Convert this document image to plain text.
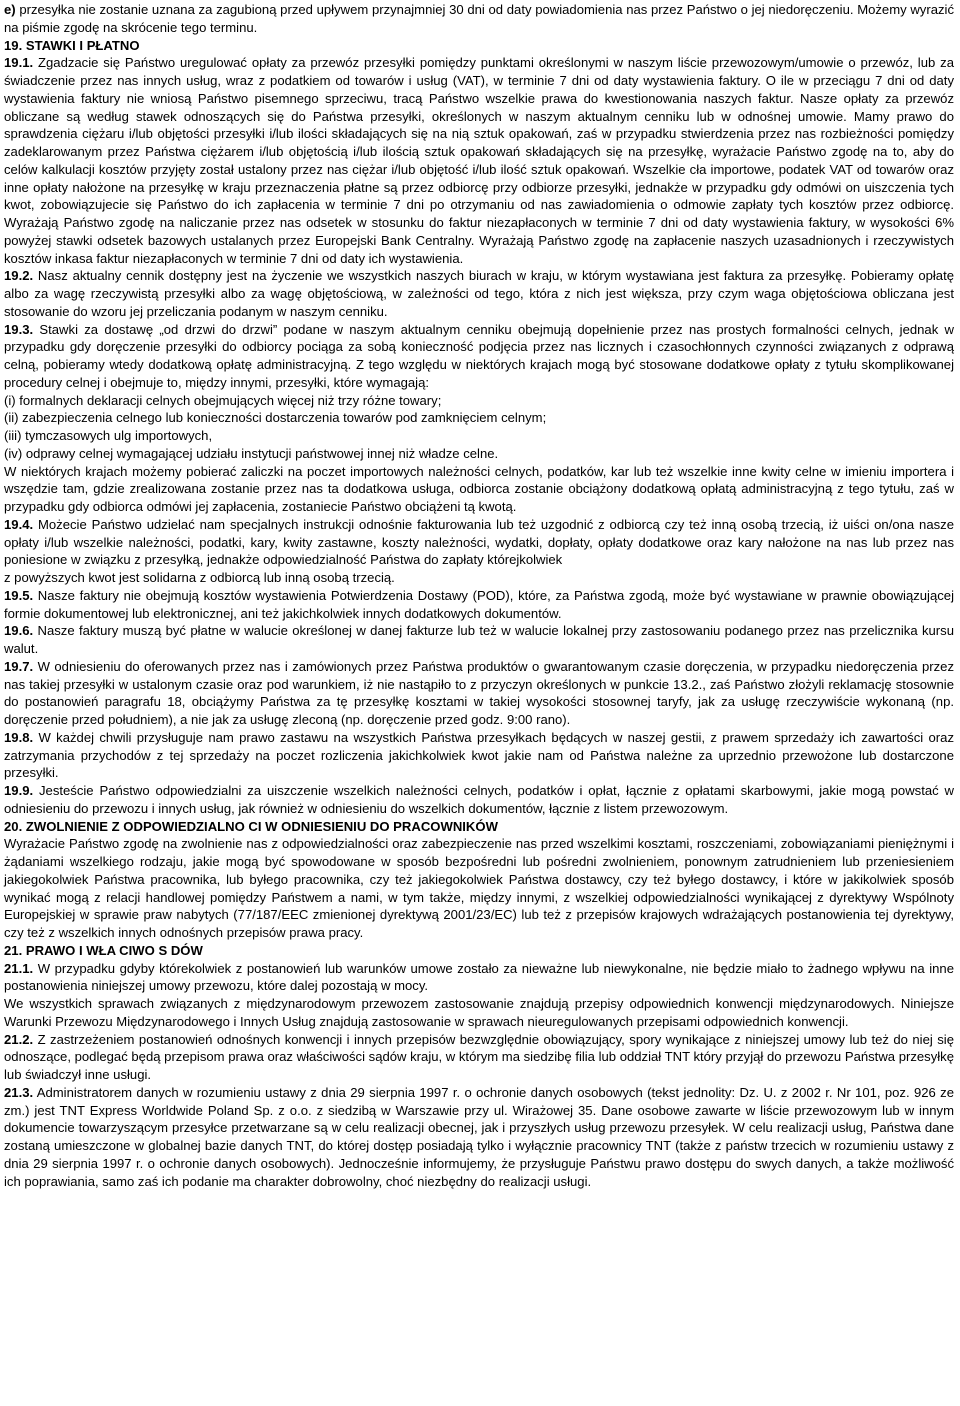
e) przesyłka nie zostanie uznana za zagubioną przed upływem przynajmniej 30 dni od daty powiadomienia nas przez Państwo o jej niedoręczeniu. Możemy wyrazić na piśmie zgodę na skrócenie tego terminu.

19. STAWKI I PŁATNO

19.1. Zgadzacie się Państwo uregulować opłaty za przewóz przesyłki pomiędzy punktami określonymi w naszym liście przewozowym/umowie o przewóz, lub za świadczenie przez nas innych usług, wraz z podatkiem od towarów i usług (VAT), w terminie 7 dni od daty wystawienia faktury. O ile w przeciągu 7 dni od daty wystawienia faktury nie wniosą Państwo pisemnego sprzeciwu, tracą Państwo wszelkie prawa do kwestionowania naszych faktur. Nasze opłaty za przewóz obliczane są według stawek odnoszących się do Państwa przesyłki, określonych w naszym aktualnym cenniku lub w odnośnej umowie. Mamy prawo do sprawdzenia ciężaru i/lub objętości przesyłki i/lub ilości składających się na nią sztuk opakowań, zaś w przypadku stwierdzenia przez nas rozbieżności pomiędzy zadeklarowanym przez Państwa ciężarem i/lub objętością i/lub ilością sztuk opakowań składających się na przesyłkę, wyrażacie Państwo zgodę na to, aby do celów kalkulacji kosztów przyjęty został ustalony przez nas ciężar i/lub objętość i/lub ilość sztuk opakowań. Wszelkie cła importowe, podatek VAT od towarów oraz inne opłaty nałożone na przesyłkę w kraju przeznaczenia płatne są przez odbiorcę przy odbiorze przesyłki, jednakże w przypadku gdy odmówi on uiszczenia tych kwot, zobowiązujecie się Państwo do ich zapłacenia w terminie 7 dni po otrzymaniu od nas zawiadomienia o odmowie zapłaty tych kosztów przez odbiorcę. Wyrażają Państwo zgodę na naliczanie przez nas odsetek w stosunku do faktur niezapłaconych w terminie 7 dni od daty wystawienia faktury, w wysokości 6% powyżej stawki odsetek bazowych ustalanych przez Europejski Bank Centralny. Wyrażają Państwo zgodę na zapłacenie naszych uzasadnionych i rzeczywistych kosztów inkasa faktur niezapłaconych w terminie 7 dni od daty ich wystawienia.

19.2. Nasz aktualny cennik dostępny jest na życzenie we wszystkich naszych biurach w kraju, w którym wystawiana jest faktura za przesyłkę. Pobieramy opłatę albo za wagę rzeczywistą przesyłki albo za wagę objętościową, w zależności od tego, która z nich jest większa, przy czym waga objętościowa obliczana jest stosowanie do wzoru jej przeliczania podanym w naszym cenniku.

19.3. Stawki za dostawę „od drzwi do drzwi” podane w naszym aktualnym cenniku obejmują dopełnienie przez nas prostych formalności celnych, jednak w przypadku gdy doręczenie przesyłki do odbiorcy pociąga za sobą konieczność podjęcia przez nas licznych i czasochłonnych czynności związanych z odprawą celną, pobieramy wtedy dodatkową opłatę administracyjną. Z tego względu w niektórych krajach mogą być stosowane dodatkowe opłaty z tytułu skomplikowanej procedury celnej i obejmuje to, między innymi, przesyłki, które wymagają:

(i) formalnych deklaracji celnych obejmujących więcej niż trzy różne towary;

(ii) zabezpieczenia celnego lub konieczności dostarczenia towarów pod zamknięciem celnym;

(iii) tymczasowych ulg importowych,

(iv) odprawy celnej wymagającej udziału instytucji państwowej innej niż władze celne.

W niektórych krajach możemy pobierać zaliczki na poczet importowych należności celnych, podatków, kar lub też wszelkie inne kwity celne w imieniu importera i wszędzie tam, gdzie zrealizowana zostanie przez nas ta dodatkowa usługa, odbiorca zostanie obciążony dodatkową opłatą administracyjną z tego tytułu, zaś w przypadku gdy odbiorca odmówi jej zapłacenia, zostaniecie Państwo obciążeni tą kwotą.

19.4. Możecie Państwo udzielać nam specjalnych instrukcji odnośnie fakturowania lub też uzgodnić z odbiorcą czy też inną osobą trzecią, iż uiści on/ona nasze opłaty i/lub wszelkie należności, podatki, kary, kwity zastawne, koszty należności, wydatki, dopłaty, opłaty dodatkowe oraz kary nałożone na nas lub przez nas poniesione w związku z przesyłką, jednakże odpowiedzialność Państwa do zapłaty którejkolwiek

z powyższych kwot jest solidarna z odbiorcą lub inną osobą trzecią.

19.5. Nasze faktury nie obejmują kosztów wystawienia Potwierdzenia Dostawy (POD), które, za Państwa zgodą, może być wystawiane w prawnie obowiązującej formie dokumentowej lub elektronicznej, ani też jakichkolwiek innych dodatkowych dokumentów.

19.6. Nasze faktury muszą być płatne w walucie określonej w danej fakturze lub też w walucie lokalnej przy zastosowaniu podanego przez nas przelicznika kursu walut.

19.7. W odniesieniu do oferowanych przez nas i zamówionych przez Państwa produktów o gwarantowanym czasie doręczenia, w przypadku niedoręczenia przez nas takiej przesyłki w ustalonym czasie oraz pod warunkiem, iż nie nastąpiło to z przyczyn określonych w punkcie 13.2., zaś Państwo złożyli reklamację stosownie do postanowień paragrafu 18, obciążymy Państwa za tę przesyłkę kosztami w takiej wysokości stosownej taryfy, jak za usługę rzeczywiście wykonaną (np. doręczenie przed południem), a nie jak za usługę zleconą (np. doręczenie przed godz. 9:00 rano).

19.8. W każdej chwili przysługuje nam prawo zastawu na wszystkich Państwa przesyłkach będących w naszej gestii, z prawem sprzedaży ich zawartości oraz zatrzymania przychodów z tej sprzedaży na poczet rozliczenia jakichkolwiek kwot jakie nam od Państwa należne za uprzednio przewożone lub dostarczone przesyłki.

19.9. Jesteście Państwo odpowiedzialni za uiszczenie wszelkich należności celnych, podatków i opłat, łącznie z opłatami skarbowymi, jakie mogą powstać w odniesieniu do przewozu i innych usług, jak również w odniesieniu do wszelkich dokumentów, łącznie z listem przewozowym.

20. ZWOLNIENIE Z ODPOWIEDZIALNO CI W ODNIESIENIU DO PRACOWNIKÓW

Wyrażacie Państwo zgodę na zwolnienie nas z odpowiedzialności oraz zabezpieczenie nas przed wszelkimi kosztami, roszczeniami, zobowiązaniami pieniężnymi i żądaniami wszelkiego rodzaju, jakie mogą być spowodowane w sposób bezpośredni lub pośredni zwolnieniem, ponownym zatrudnieniem lub przeniesieniem jakiegokolwiek Państwa pracownika, lub byłego pracownika, czy też jakiegokolwiek Państwa dostawcy, czy też byłego dostawcy, i które w jakikolwiek sposób wynikać mogą z relacji handlowej pomiędzy Państwem a nami, w tym także, między innymi, z wszelkiej odpowiedzialności wynikającej z dyrektywy Wspólnoty Europejskiej w sprawie praw nabytych (77/187/EEC zmienionej dyrektywą 2001/23/EC) lub też z przepisów krajowych wdrażających postanowienia tej dyrektywy, czy też z wszelkich innych odnośnych przepisów prawa pracy.

21. PRAWO I WŁA CIWO S DÓW

21.1. W przypadku gdyby którekolwiek z postanowień lub warunków umowe zostało za nieważne lub niewykonalne, nie będzie miało to żadnego wpływu na inne postanowienia niniejszej umowy przewozu, które dalej pozostają w mocy.

We wszystkich sprawach związanych z międzynarodowym przewozem zastosowanie znajdują przepisy odpowiednich konwencji międzynarodowych. Niniejsze Warunki Przewozu Międzynarodowego i Innych Usług znajdują zastosowanie w sprawach nieuregulowanych przepisami odpowiednich konwencji.

21.2. Z zastrzeżeniem postanowień odnośnych konwencji i innych przepisów bezwzględnie obowiązujący, spory wynikające z niniejszej umowy lub też do niej się odnoszące, podlegać będą przepisom prawa oraz właściwości sądów kraju, w którym ma siedzibę filia lub oddział TNT który przyjął do przewozu Państwa przesyłkę lub świadczył inne usługi.

21.3. Administratorem danych w rozumieniu ustawy z dnia 29 sierpnia 1997 r. o ochronie danych osobowych (tekst jednolity: Dz. U. z 2002 r. Nr 101, poz. 926 ze zm.) jest TNT Express Worldwide Poland Sp. z o.o. z siedzibą w Warszawie przy ul. Wirażowej 35. Dane osobowe zawarte w liście przewozowym lub w innym dokumencie towarzyszącym przesyłce przetwarzane są w celu realizacji obecnej, jak i przyszłych usług przewozu przesyłek. W celu realizacji usług, Państwa dane zostaną umieszczone w globalnej bazie danych TNT, do której dostęp posiadają tylko i wyłącznie pracownicy TNT (także z państw trzecich w rozumieniu ustawy z dnia 29 sierpnia 1997 r. o ochronie danych osobowych). Jednocześnie informujemy, że przysługuje Państwu prawo dostępu do swych danych, a także możliwość ich poprawiania, samo zaś ich podanie ma charakter dobrowolny, choć niezbędny do realizacji usługi.
